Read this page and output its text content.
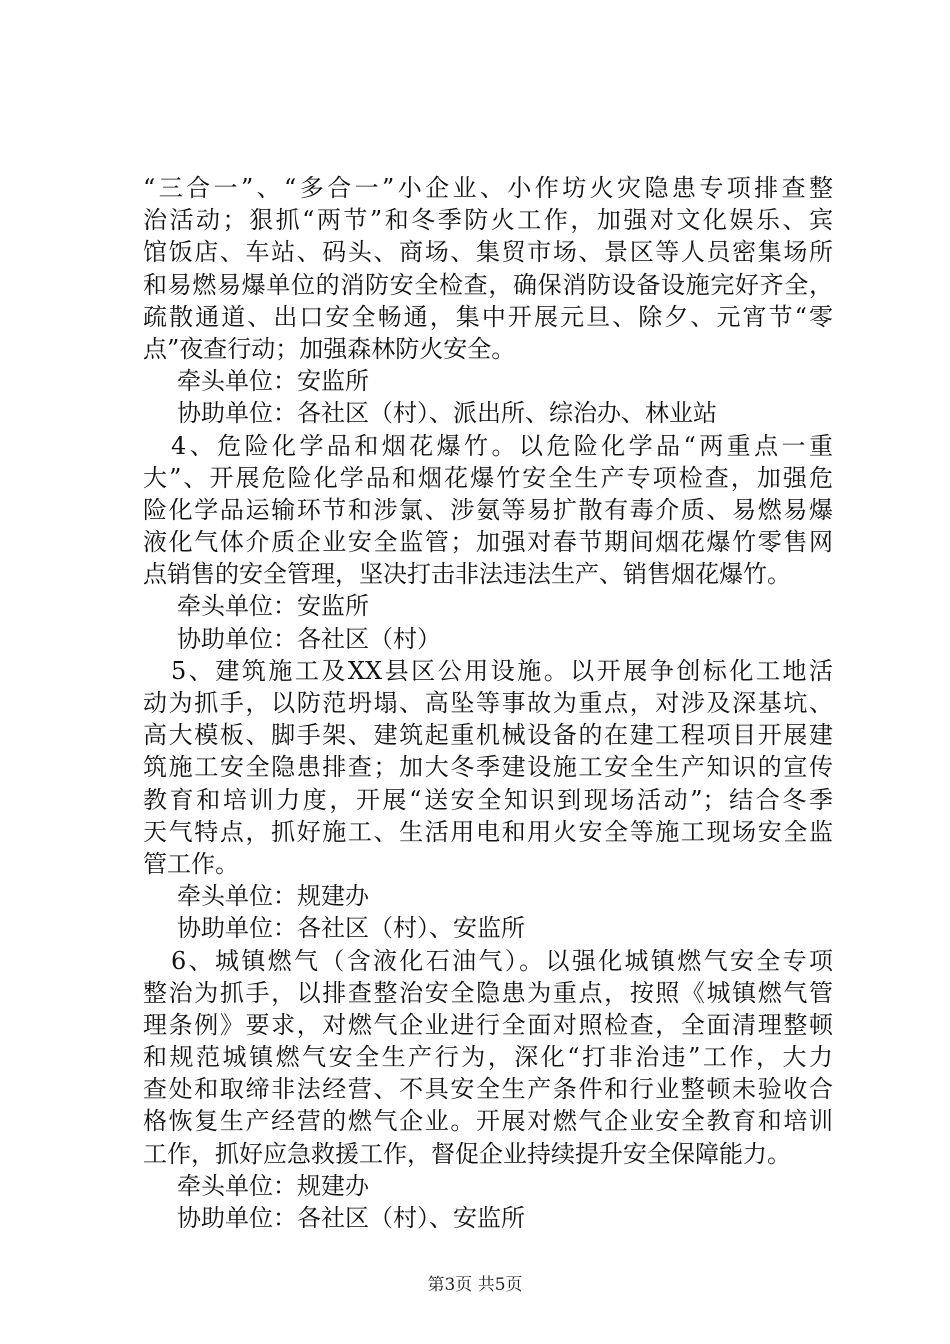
“三合一”、“多合一”小企业、小作坊火灾隐患专项排查整
治活动；狠抓“两节”和冬季防火工作，加强对文化娱乐、宾
馆饭店、车站、码头、商场、集贸市场、景区等人员密集场所
和易燃易爆单位的消防安全检查，确保消防设备设施完好齐全，
疏散通道、出口安全畅通，集中开展元旦、除夕、元宵节“零
点”夜查行动；加强森林防火安全。
牵头单位：安监所
协助单位：各社区（村）、派出所、综治办、林业站
4、危险化学品和烟花爆竹。以危险化学品“两重点一重
大”、开展危险化学品和烟花爆竹安全生产专项检查，加强危
险化学品运输环节和涉氯、涉氨等易扩散有毒介质、易燃易爆
液化气体介质企业安全监管；加强对春节期间烟花爆竹零售网
点销售的安全管理，坚决打击非法违法生产、销售烟花爆竹。
牵头单位：安监所
协助单位：各社区（村）
5、建筑施工及XX县区公用设施。以开展争创标化工地活
动为抓手，以防范坍塌、高坠等事故为重点，对涉及深基坑、
高大模板、脚手架、建筑起重机械设备的在建工程项目开展建
筑施工安全隐患排查；加大冬季建设施工安全生产知识的宣传
教育和培训力度，开展“送安全知识到现场活动”；结合冬季
天气特点，抓好施工、生活用电和用火安全等施工现场安全监
管工作。
牵头单位：规建办
协助单位：各社区（村）、安监所
6、城镇燃气（含液化石油气）。以强化城镇燃气安全专项
整治为抓手，以排查整治安全隐患为重点，按照《城镇燃气管
理条例》要求，对燃气企业进行全面对照检查，全面清理整顿
和规范城镇燃气安全生产行为，深化“打非治违”工作，大力
查处和取缔非法经营、不具安全生产条件和行业整顿未验收合
格恢复生产经营的燃气企业。开展对燃气企业安全教育和培训
工作，抓好应急救援工作，督促企业持续提升安全保障能力。
牵头单位：规建办
协助单位：各社区（村）、安监所
第3页 共5页
